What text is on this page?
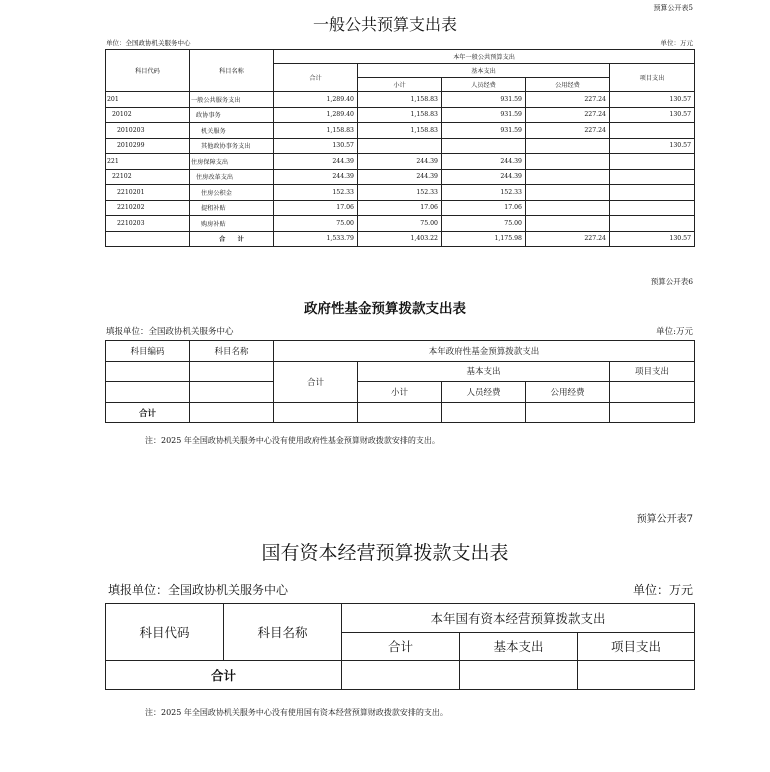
预算公开表5
一般公共预算支出表
单位：全国政协机关服务中心	单位：万元
科目代码	科目名称	本年一般公共预算支出				
		合计	基本支出			项目支出
			小计	人员经费	公用经费	
201	一般公共服务支出	1,289.40	1,158.83	931.59	227.24	130.57
20102	政协事务	1,289.40	1,158.83	931.59	227.24	130.57
2010203	机关服务	1,158.83	1,158.83	931.59	227.24	
2010299	其他政协事务支出	130.57				130.57
221	住房保障支出	244.39	244.39	244.39		
22102	住房改革支出	244.39	244.39	244.39		
2210201	住房公积金	152.33	152.33	152.33		
2210202	提租补贴	17.06	17.06	17.06		
2210203	购房补贴	75.00	75.00	75.00		
	合　　计	1,533.79	1,403.22	1,175.98	227.24	130.57
预算公开表6
政府性基金预算拨款支出表
填报单位：全国政协机关服务中心	单位:万元
科目编码	科目名称	本年政府性基金预算拨款支出				
		合计	基本支出			项目支出
			小计	人员经费	公用经费	
合计						
注：2025 年全国政协机关服务中心没有使用政府性基金预算财政拨款安排的支出。
预算公开表7
国有资本经营预算拨款支出表
填报单位：全国政协机关服务中心	单位：万元
科目代码	科目名称	本年国有资本经营预算拨款支出		
		合计	基本支出	项目支出
合计				
注：2025 年全国政协机关服务中心没有使用国有资本经营预算财政拨款安排的支出。
